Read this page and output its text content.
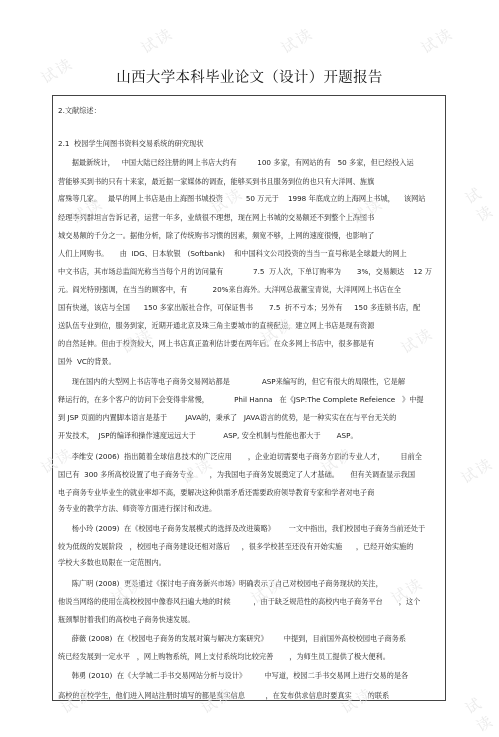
山西大学本科毕业论文（设计）开题报告
2.文献综述：
2.1  校园学生间图书资料交易系统的研究现状
据最新统计，   中国大陆已经注册的网上书店大约有         100 多家，有网站的有   50 多家，但已经投入运
营能够买到书的只有十来家，最近据一家媒体的调查，能够买到书且服务到位的也只有大洋网、旌旗
席殊等几家。   最早的网上书店是由上海图书城投资          50 万元于    1998 年底成立的上海网上书城，    该网站
经理李列群坦言告诉记者，运营一年多，业绩很不理想，现在网上书城的交易额还不到整个上海图书
城交易额的千分之一。据他分析，除了传统购书习惯的因素，频宽不够，上网的速度很慢，也影响了
人们上网购书。     由  IDG、日本软银   (Softbank)    和中国科文公司投资的当当一直号称是全球最大的网上
中文书店，其市场总监阎光称当当每个月的访问量有             7.5  万人次，下单订购率为       3%，交易额达    12 万
元。阎光特别强调，在当当的顾客中，有           20%来自海外。大洋网总裁董宝青说，大洋网网上书店在全
国有快递，该店与全国      150 多家出版社合作，可保证售书       7.5  折不亏本；另外有     150 多连锁书店，配
送队伍专业到位，服务到家，近期开通北京及珠三角主要城市的直接配送，建立网上书店是现有资源
的自然延伸。但由于投资较大，网上书店真正盈利估计要在两年后。在众多网上书店中，很多都是有
国外  VC的背景。
现在国内的大型网上书店等电子商务交易网站都是              ASP来编写的，但它有很大的局限性，它是解
释运行的，在多个客户的访问下会变得非常慢，           Phil Hanna   在《JSP:The Complete Refeience   》中提
到 JSP 页面的内置脚本语言是基于        JAVA的，秉承了   JAVA语言的优势，是一种实实在在与平台无关的
开发技术，  JSP的编译和操作速度远远大于            ASP, 安全机制与性能也都大于       ASP。
李维安 (2006)  指出随着全球信息技术的广泛应用       ，企业迫切需要电子商务方面的专业人才，       目前全
国已有  300 多所高校设置了电子商务专业       ，为我国电子商务发展奠定了人才基础。     但有关调查显示我国
电子商务专业毕业生的就业率却不高，要解决这种供需矛盾还需要政府领导教育专家和学者对电子商
务专业的教学方法、师资等方面进行探讨和改进。
杨小玲 (2009)  在《校园电子商务发展模式的选择及改进策略》      一文中指出，我们校园电子商务当前还处于
较为低级的发展阶段   ，校园电子商务建设还相对落后     ，很多学校甚至还没有开始实施      ，已经开始实施的
学校大多数也局限在一定范围内。
陈广明 (2008)  更是通过《探讨电子商务新兴市场》明确表示了自己对校园电子商务现状的关注，
他说当网络的使用在高校校园中像春风扫遍大地的时候          ，由于缺乏规范性的高校内电子商务平台       ，这个
瓶颈掣肘着我们的高校电子商务快速发展。
薛薇 (2008)  在《校园电子商务的发展对策与解决方案研究》       中提到，目前国外高校校园电子商务系
统已经发展到一定水平   ，网上购物系统，网上支付系统均比较完善       ，为师生员工提供了极大便利。
韩勇 (2010)  在《大学城二手书交易网站分析与设计》        中写道，校园二手书交易网上进行交易的是各
高校的在校学生，他们进入网站注册时填写的都是真实信息         ，在发布供求信息时要真实       的联系
试读	试读	试读
试读
试读	试读	试读	试读
试读	试读	试读
试读	试读	试读	试读
试读	试读	试读
试读	试读	试读	试读
